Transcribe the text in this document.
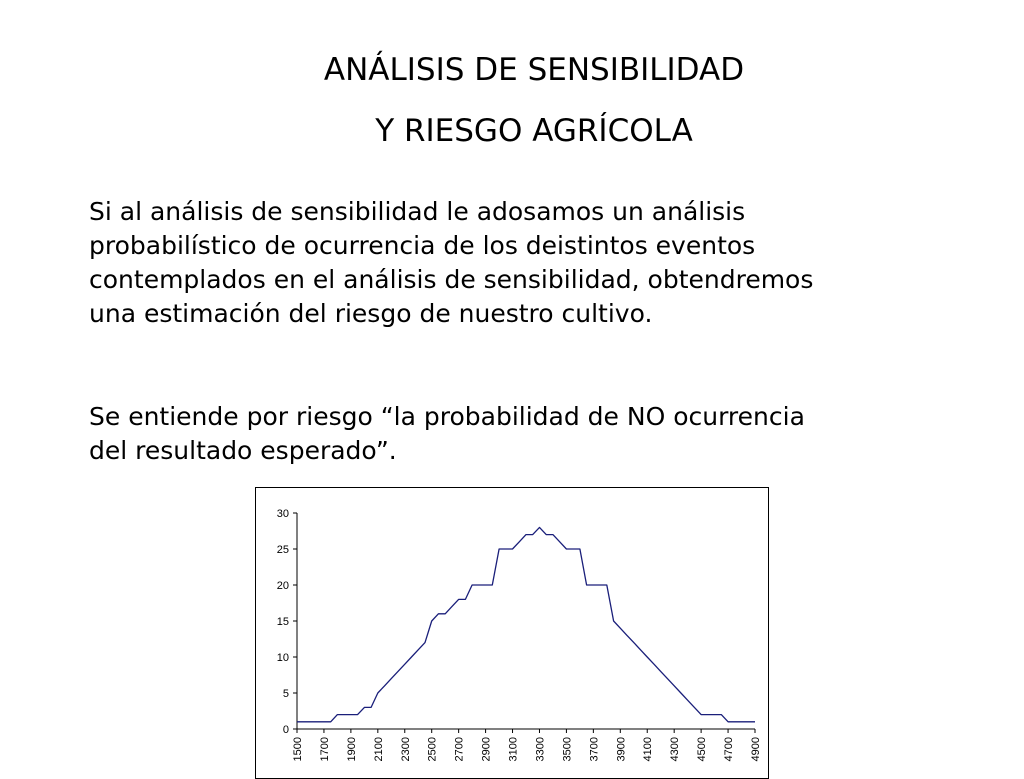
ANÁLISIS DE SENSIBILIDAD
Y RIESGO AGRÍCOLA

Si al análisis de sensibilidad le adosamos un análisis
probabilístico de ocurrencia de los deistintos eventos
contemplados en el análisis de sensibilidad, obtendremos
una estimación del riesgo de nuestro cultivo.

Se entiende por riesgo “la probabilidad de NO ocurrencia
del resultado esperado”.

0
5
10
15
20
25
30
1500 1700 1900 2100 2300 2500 2700 2900 3100 3300 3500 3700 3900 4100 4300 4500 4700 4900
